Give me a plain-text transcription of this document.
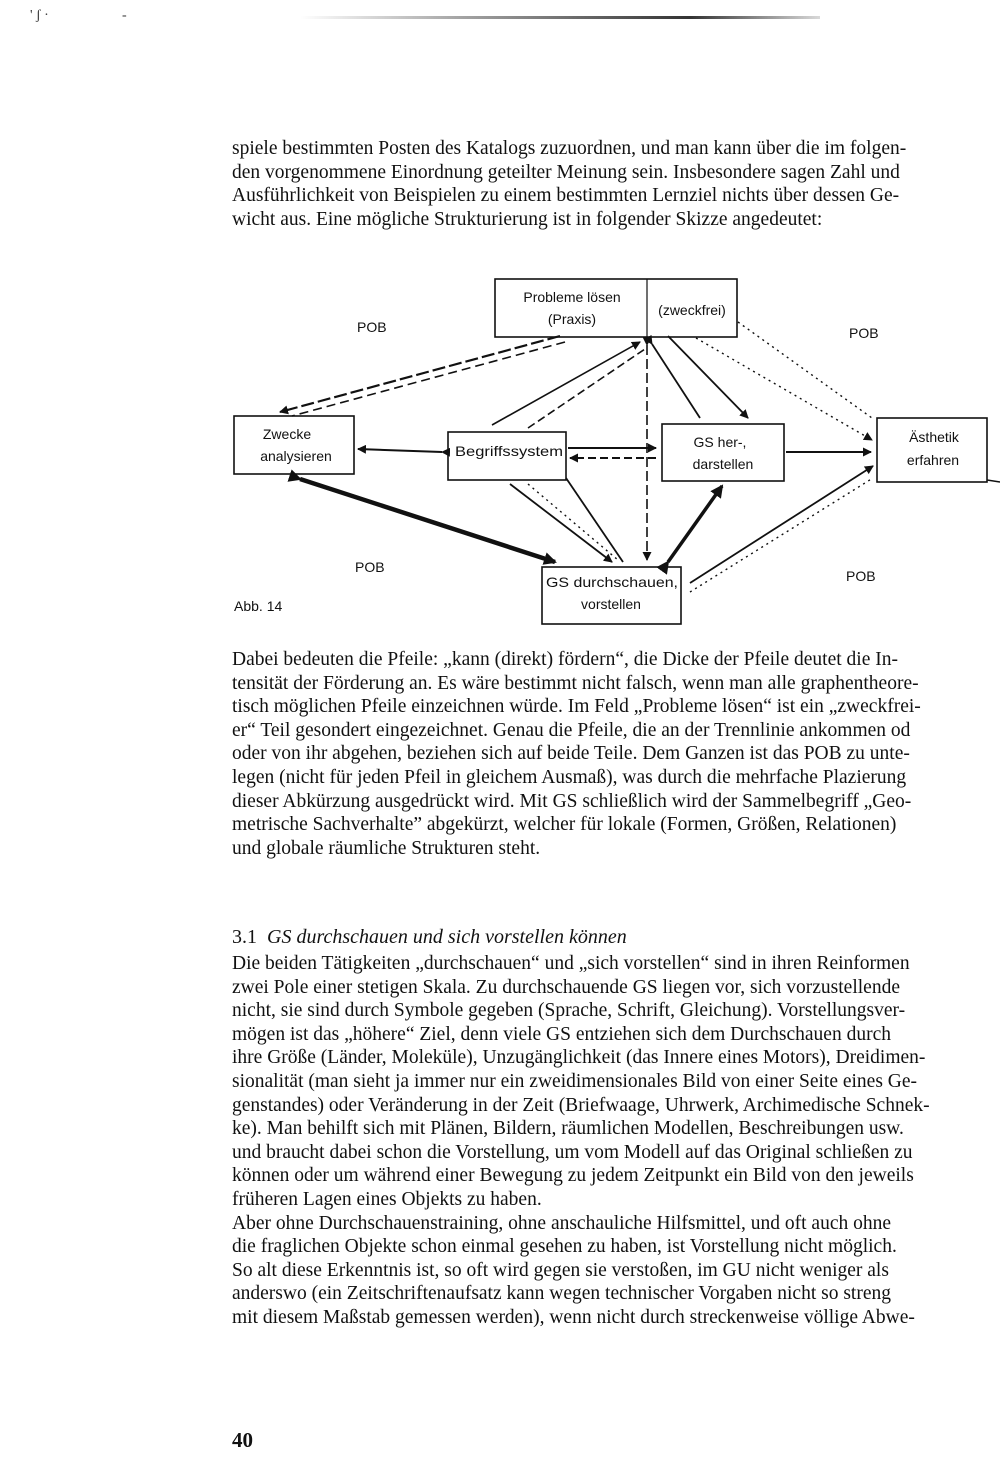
' ʃ ·	-
spiele bestimmten Posten des Katalogs zuzuordnen, und man kann über die im folgen-
den vorgenommene Einordnung geteilter Meinung sein. Insbesondere sagen Zahl und
Ausführlichkeit von Beispielen zu einem bestimmten Lernziel nichts über dessen Ge-
wicht aus. Eine mögliche Strukturierung ist in folgender Skizze angedeutet:
Probleme lösen
(Praxis)
(zweckfrei)
Zwecke
analysieren	Begriffssystem
GS her-,
darstellen
Ästhetik
erfahren
GS durchschauen,
vorstellen
POB	POB
POB
POB
Abb. 14
Dabei bedeuten die Pfeile: „kann (direkt) fördern“, die Dicke der Pfeile deutet die In-
tensität der Förderung an. Es wäre bestimmt nicht falsch, wenn man alle graphentheore-
tisch möglichen Pfeile einzeichnen würde. Im Feld „Probleme lösen“ ist ein „zweckfrei-
er“ Teil gesondert eingezeichnet. Genau die Pfeile, die an der Trennlinie ankommen od
oder von ihr abgehen, beziehen sich auf beide Teile. Dem Ganzen ist das POB zu unte-
legen (nicht für jeden Pfeil in gleichem Ausmaß), was durch die mehrfache Plazierung
dieser Abkürzung ausgedrückt wird. Mit GS schließlich wird der Sammelbegriff „Geo-
metrische Sachverhalte” abgekürzt, welcher für lokale (Formen, Größen, Relationen)
und globale räumliche Strukturen steht.
3.1 GS durchschauen und sich vorstellen können
Die beiden Tätigkeiten „durchschauen“ und „sich vorstellen“ sind in ihren Reinformen
zwei Pole einer stetigen Skala. Zu durchschauende GS liegen vor, sich vorzustellende
nicht, sie sind durch Symbole gegeben (Sprache, Schrift, Gleichung). Vorstellungsver-
mögen ist das „höhere“ Ziel, denn viele GS entziehen sich dem Durchschauen durch
ihre Größe (Länder, Moleküle), Unzugänglichkeit (das Innere eines Motors), Dreidimen-
sionalität (man sieht ja immer nur ein zweidimensionales Bild von einer Seite eines Ge-
genstandes) oder Veränderung in der Zeit (Briefwaage, Uhrwerk, Archimedische Schnek-
ke). Man behilft sich mit Plänen, Bildern, räumlichen Modellen, Beschreibungen usw.
und braucht dabei schon die Vorstellung, um vom Modell auf das Original schließen zu
können oder um während einer Bewegung zu jedem Zeitpunkt ein Bild von den jeweils
früheren Lagen eines Objekts zu haben.
Aber ohne Durchschauenstraining, ohne anschauliche Hilfsmittel, und oft auch ohne
die fraglichen Objekte schon einmal gesehen zu haben, ist Vorstellung nicht möglich.
So alt diese Erkenntnis ist, so oft wird gegen sie verstoßen, im GU nicht weniger als
anderswo (ein Zeitschriftenaufsatz kann wegen technischer Vorgaben nicht so streng
mit diesem Maßstab gemessen werden), wenn nicht durch streckenweise völlige Abwe-
40
